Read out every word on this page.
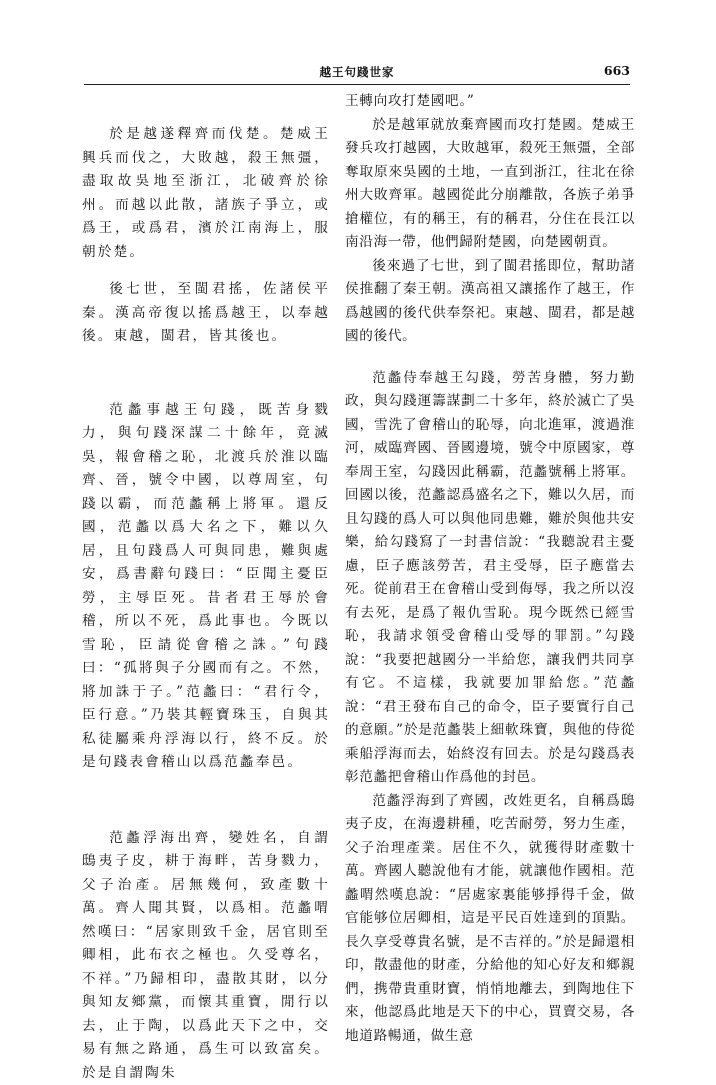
越王句踐世家	663

於是越遂釋齊而伐楚。楚威王興兵而伐之，大敗越，殺王無彊，盡取故吳地至浙江，北破齊於徐州。而越以此散，諸族子爭立，或爲王，或爲君，濱於江南海上，服朝於楚。

後七世，至閩君搖，佐諸侯平秦。漢高帝復以搖爲越王，以奉越後。東越，閩君，皆其後也。

范蠡事越王句踐，既苦身戮力，與句踐深謀二十餘年，竟滅吳，報會稽之恥，北渡兵於淮以臨齊、晉，號令中國，以尊周室，句踐以霸，而范蠡稱上將軍。還反國，范蠡以爲大名之下，難以久居，且句踐爲人可與同患，難與處安，爲書辭句踐曰：“臣聞主憂臣勞，主辱臣死。昔者君王辱於會稽，所以不死，爲此事也。今既以雪恥，臣請從會稽之誅。”句踐曰：“孤將與子分國而有之。不然，將加誅于子。”范蠡曰：“君行令，臣行意。”乃裝其輕寶珠玉，自與其私徒屬乘舟浮海以行，終不反。於是句踐表會稽山以爲范蠡奉邑。

范蠡浮海出齊，變姓名，自謂鴟夷子皮，耕于海畔，苦身戮力，父子治產。居無幾何，致產數十萬。齊人聞其賢，以爲相。范蠡喟然嘆曰：“居家則致千金，居官則至卿相，此布衣之極也。久受尊名，不祥。”乃歸相印，盡散其財，以分與知友鄉黨，而懷其重寶，閒行以去，止于陶，以爲此天下之中，交易有無之路通，爲生可以致富矣。於是自謂陶朱

王轉向攻打楚國吧。”

於是越軍就放棄齊國而攻打楚國。楚威王發兵攻打越國，大敗越軍，殺死王無彊，全部奪取原來吳國的土地，一直到浙江，往北在徐州大敗齊軍。越國從此分崩離散，各族子弟爭搶權位，有的稱王，有的稱君，分住在長江以南沿海一帶，他們歸附楚國，向楚國朝貢。

後來過了七世，到了閩君搖即位，幫助諸侯推翻了秦王朝。漢高祖又讓搖作了越王，作爲越國的後代供奉祭祀。東越、閩君，都是越國的後代。

范蠡侍奉越王勾踐，勞苦身體，努力勤政，與勾踐運籌謀劃二十多年，終於滅亡了吳國，雪洗了會稽山的恥辱，向北進軍，渡過淮河，威臨齊國、晉國邊境，號令中原國家，尊奉周王室，勾踐因此稱霸，范蠡號稱上將軍。回國以後，范蠡認爲盛名之下，難以久居，而且勾踐的爲人可以與他同患難，難於與他共安樂，給勾踐寫了一封書信說：“我聽說君主憂慮，臣子應該勞苦，君主受辱，臣子應當去死。從前君王在會稽山受到侮辱，我之所以沒有去死，是爲了報仇雪恥。現今既然已經雪恥，我請求領受會稽山受辱的罪罰。”勾踐說：“我要把越國分一半給您，讓我們共同享有它。不這樣，我就要加罪給您。”范蠡說：“君王發布自己的命令，臣子要實行自己的意願。”於是范蠡裝上細軟珠寶，與他的侍從乘船浮海而去，始終沒有回去。於是勾踐爲表彰范蠡把會稽山作爲他的封邑。

范蠡浮海到了齊國，改姓更名，自稱爲鴟夷子皮，在海邊耕種，吃苦耐勞，努力生產，父子治理產業。居住不久，就獲得財產數十萬。齊國人聽說他有才能，就讓他作國相。范蠡喟然嘆息說：“居處家裏能够掙得千金，做官能够位居卿相，這是平民百姓達到的頂點。長久享受尊貴名號，是不吉祥的。”於是歸還相印，散盡他的財產，分給他的知心好友和鄉親們，携帶貴重財寶，悄悄地離去，到陶地住下來，他認爲此地是天下的中心，買賣交易，各地道路暢通，做生意
